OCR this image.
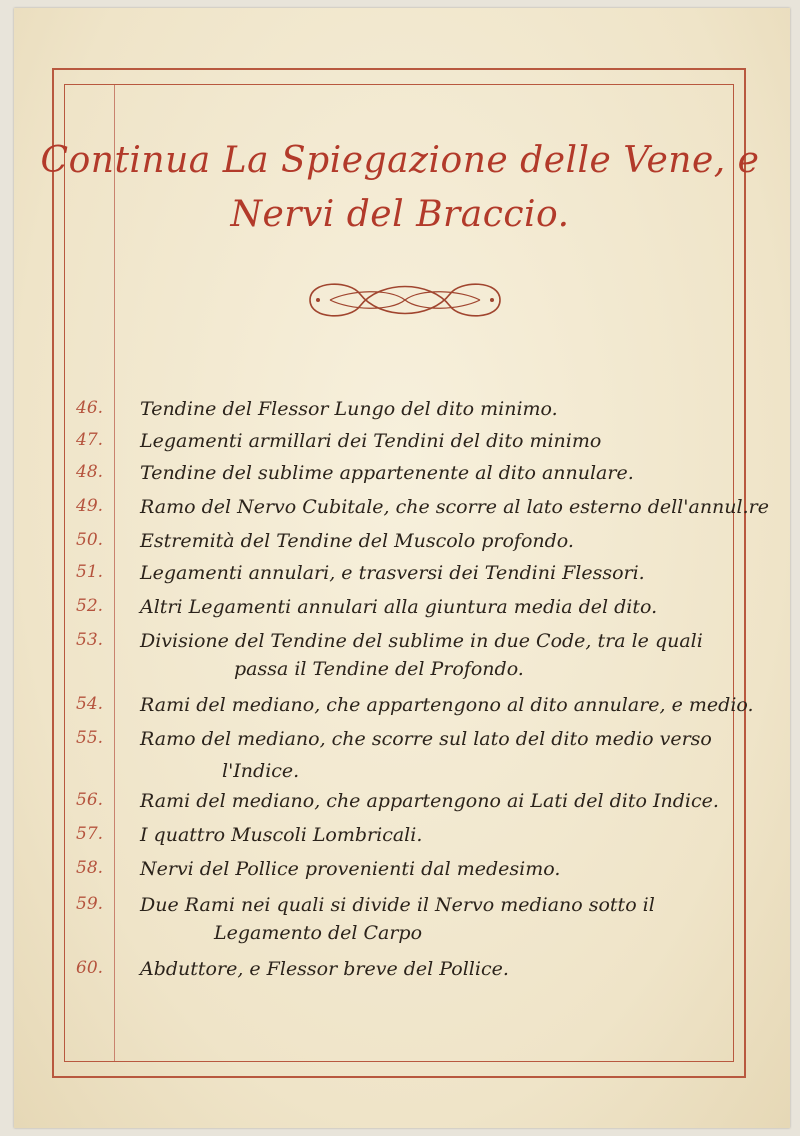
Continua La Spiegazione delle Vene, e
Nervi del Braccio.
46.	Tendine del Flessor Lungo del dito minimo.
47.	Legamenti armillari dei Tendini del dito minimo
48.	Tendine del sublime appartenente al dito annulare.
49.	Ramo del Nervo Cubitale, che scorre al lato esterno dell'annul.re
50.	Estremità del Tendine del Muscolo profondo.
51.	Legamenti annulari, e trasversi dei Tendini Flessori.
52.	Altri Legamenti annulari alla giuntura media del dito.
53.	Divisione del Tendine del sublime in due Code, tra le quali
passa il Tendine del Profondo.
54.	Rami del mediano, che appartengono al dito annulare, e medio.
55.	Ramo del mediano, che scorre sul lato del dito medio verso
l'Indice.
56.	Rami del mediano, che appartengono ai Lati del dito Indice.
57.	I quattro Muscoli Lombricali.
58.	Nervi del Pollice provenienti dal medesimo.
59.	Due Rami nei quali si divide il Nervo mediano sotto il
Legamento del Carpo
60.	Abduttore, e Flessor breve del Pollice.
